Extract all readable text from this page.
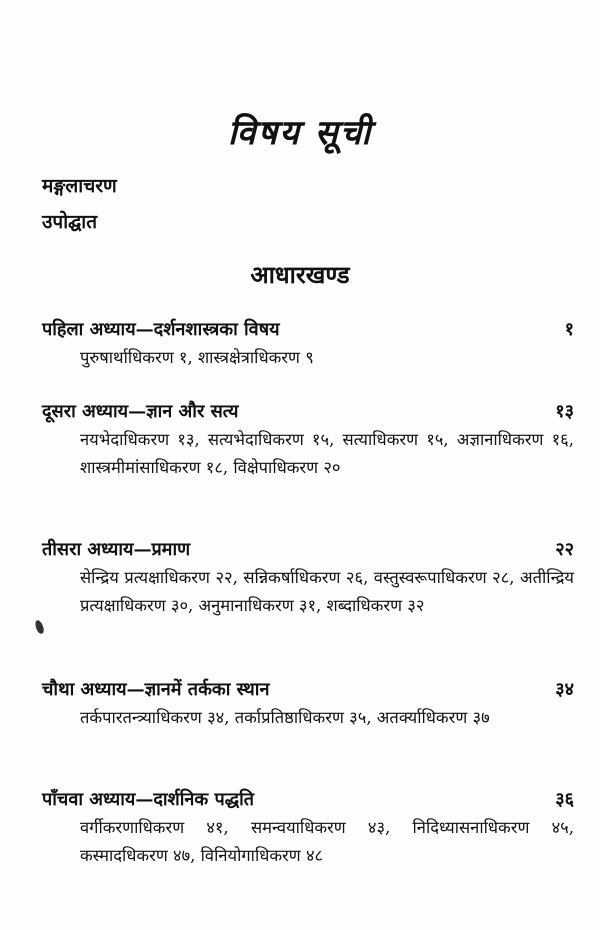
विषय सूची
मङ्गलाचरण
उपोद्घात
आधारखण्ड
पहिला अध्याय—दर्शनशास्त्रका विषय	१
पुरुषार्थाधिकरण १, शास्त्रक्षेत्राधिकरण ९
दूसरा अध्याय—ज्ञान और सत्य	१३
नयभेदाधिकरण १३, सत्यभेदाधिकरण १५, सत्याधिकरण १५, अज्ञानाधिकरण १६, शास्त्रमीमांसाधिकरण १८, विक्षेपाधिकरण २०
तीसरा अध्याय—प्रमाण	२२
सेन्द्रिय प्रत्यक्षाधिकरण २२, सन्निकर्षाधिकरण २६, वस्तुस्वरूपाधिकरण २८, अतीन्द्रिय प्रत्यक्षाधिकरण ३०, अनुमानाधिकरण ३१, शब्दाधिकरण ३२
चौथा अध्याय—ज्ञानमें तर्कका स्थान	३४
तर्कपारतन्त्र्याधिकरण ३४, तर्काप्रतिष्ठाधिकरण ३५, अतर्क्याधिकरण ३७
पाँचवा अध्याय—दार्शनिक पद्धति	३६
वर्गीकरणाधिकरण ४१, समन्वयाधिकरण ४३, निदिध्यासनाधिकरण ४५, कस्मादधिकरण ४७, विनियोगाधिकरण ४८
